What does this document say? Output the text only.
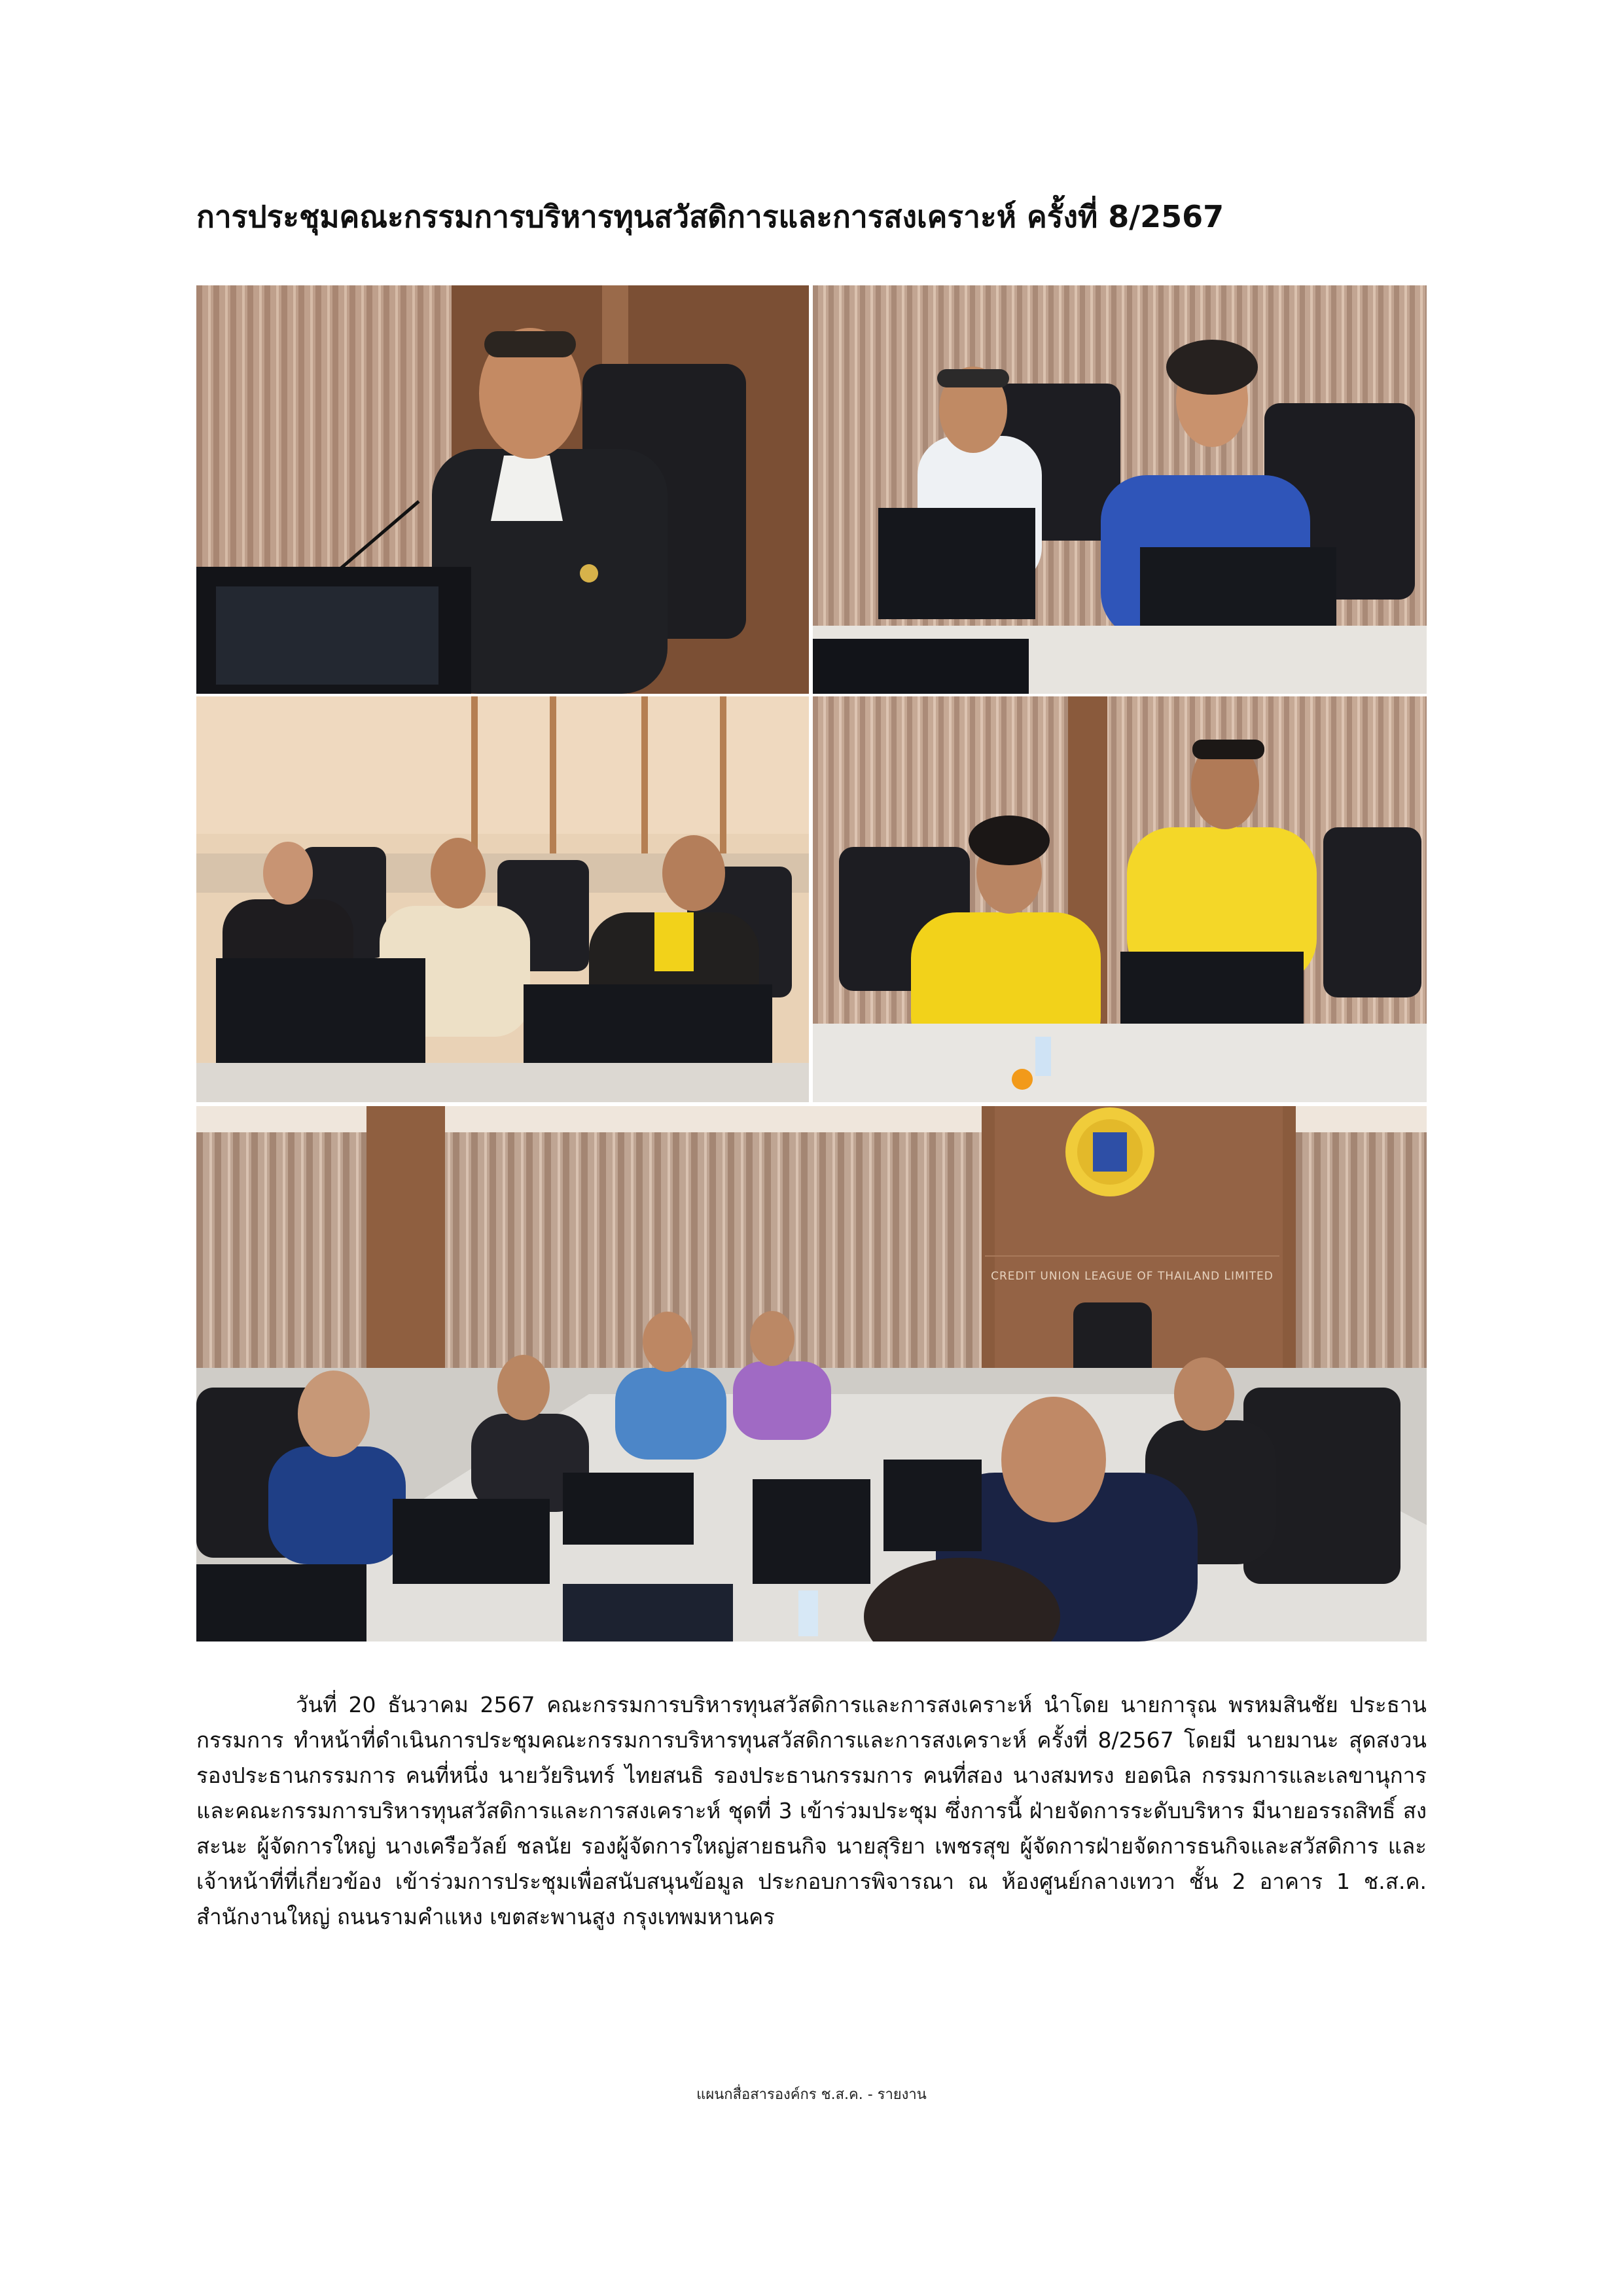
การประชุมคณะกรรมการบริหารทุนสวัสดิการและการสงเคราะห์ ครั้งที่ 8/2567
CREDIT UNION LEAGUE OF THAILAND LIMITED

วันที่ 20 ธันวาคม 2567 คณะกรรมการบริหารทุนสวัสดิการและการสงเคราะห์ นำโดย นายการุณ พรหมสินชัย ประธานกรรมการ ทำหน้าที่ดำเนินการประชุมคณะกรรมการบริหารทุนสวัสดิการและการสงเคราะห์ ครั้งที่ 8/2567 โดยมี นายมานะ สุดสงวน รองประธานกรรมการ คนที่หนึ่ง นายวัยรินทร์ ไทยสนธิ รองประธานกรรมการ คนที่สอง นางสมทรง ยอดนิล กรรมการและเลขานุการ และคณะกรรมการบริหารทุนสวัสดิการและการสงเคราะห์ ชุดที่ 3 เข้าร่วมประชุม ซึ่งการนี้ ฝ่ายจัดการระดับบริหาร มีนายอรรถสิทธิ์ สงสะนะ ผู้จัดการใหญ่ นางเครือวัลย์ ชลนัย รองผู้จัดการใหญ่สายธนกิจ นายสุริยา เพชรสุข ผู้จัดการฝ่ายจัดการธนกิจและสวัสดิการ และเจ้าหน้าที่ที่เกี่ยวข้อง เข้าร่วมการประชุมเพื่อสนับสนุนข้อมูล ประกอบการพิจารณา ณ ห้องศูนย์กลางเทวา ชั้น 2 อาคาร 1 ช.ส.ค. สำนักงานใหญ่ ถนนรามคำแหง เขตสะพานสูง กรุงเทพมหานคร

แผนกสื่อสารองค์กร ช.ส.ค. - รายงาน
